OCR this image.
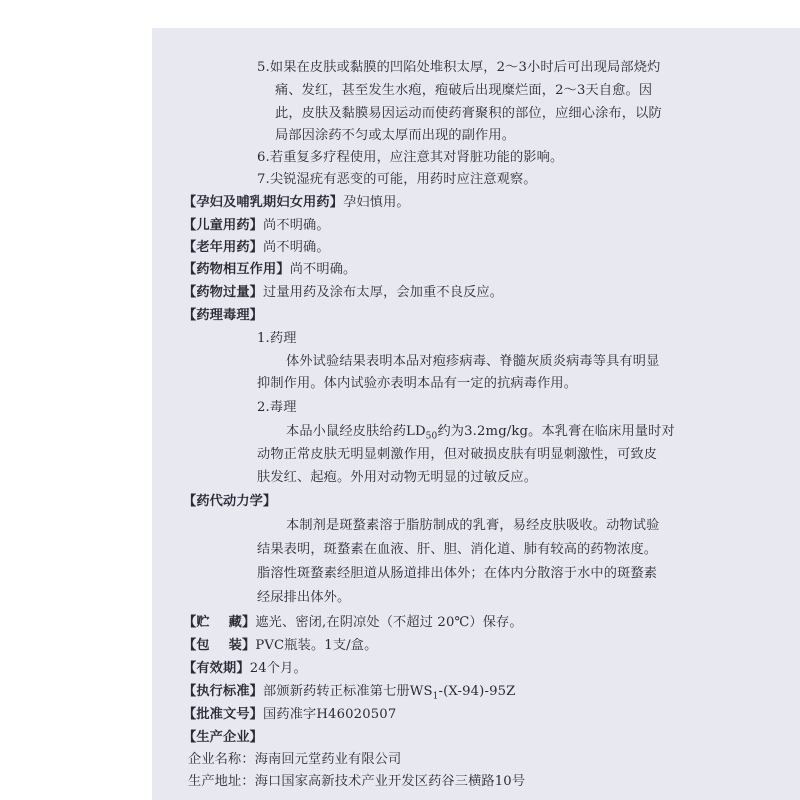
5.如果在皮肤或黏膜的凹陷处堆积太厚，2～3小时后可出现局部烧灼
痛、发红，甚至发生水疱，疱破后出现糜烂面，2～3天自愈。因
此，皮肤及黏膜易因运动而使药膏聚积的部位，应细心涂布，以防
局部因涂药不匀或太厚而出现的副作用。
6.若重复多疗程使用，应注意其对肾脏功能的影响。
7.尖锐湿疣有恶变的可能，用药时应注意观察。
【孕妇及哺乳期妇女用药】孕妇慎用。
【儿童用药】尚不明确。
【老年用药】尚不明确。
【药物相互作用】尚不明确。
【药物过量】过量用药及涂布太厚，会加重不良反应。
【药理毒理】
1.药理
体外试验结果表明本品对疱疹病毒、脊髓灰质炎病毒等具有明显
抑制作用。体内试验亦表明本品有一定的抗病毒作用。
2.毒理
本品小鼠经皮肤给药$LD_{50}$约为3.2mg/kg。本乳膏在临床用量时对
动物正常皮肤无明显刺激作用，但对破损皮肤有明显刺激性，可致皮
肤发红、起疱。外用对动物无明显的过敏反应。
【药代动力学】
本制剂是斑蝥素溶于脂肪制成的乳膏，易经皮肤吸收。动物试验
结果表明，斑蝥素在血液、肝、胆、消化道、肺有较高的药物浓度。
脂溶性斑蝥素经胆道从肠道排出体外；在体内分散溶于水中的斑蝥素
经尿排出体外。
【贮    藏】遮光、密闭,在阴凉处（不超过 20℃）保存。
【包    装】PVC瓶装。1支/盒。
【有效期】24个月。
【执行标准】部颁新药转正标准第七册$WS_1-(X-94)-95Z$
【批准文号】国药准字H46020507
【生产企业】
企业名称：海南回元堂药业有限公司
生产地址：海口国家高新技术产业开发区药谷三横路10号
